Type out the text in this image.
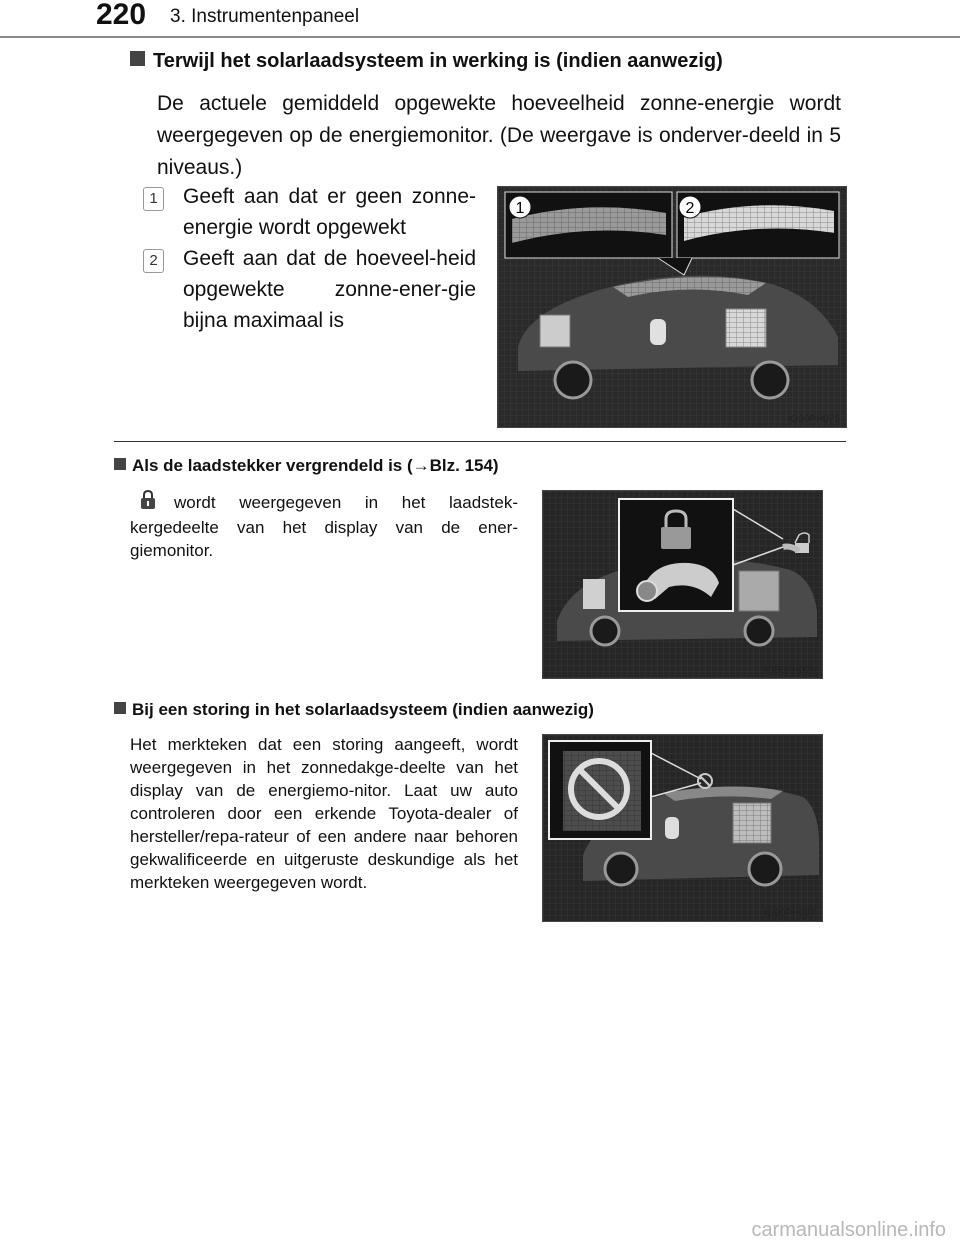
220 3. Instrumentenpaneel
Terwijl het solarlaadsysteem in werking is (indien aanwezig)
De actuele gemiddeld opgewekte hoeveelheid zonne-energie wordt weergegeven op de energiemonitor. (De weergave is onderver-deeld in 5 niveaus.)
1	Geeft aan dat er geen zonne-energie wordt opgewekt
2	Geeft aan dat de hoeveel-heid opgewekte zonne-ener-gie bijna maximaal is
1	2
IO30PH075
Als de laadstekker vergrendeld is (→Blz. 154)
wordt weergegeven in het laadstek-kergedeelte van het display van de ener-giemonitor.
IO30PH076
Bij een storing in het solarlaadsysteem (indien aanwezig)
Het merkteken dat een storing aangeeft, wordt weergegeven in het zonnedakge-deelte van het display van de energiemo-nitor. Laat uw auto controleren door een erkende Toyota-dealer of hersteller/repa-rateur of een andere naar behoren gekwalificeerde en uitgeruste deskundige als het merkteken weergegeven wordt.
IO30PH077
carmanualsonline.info
